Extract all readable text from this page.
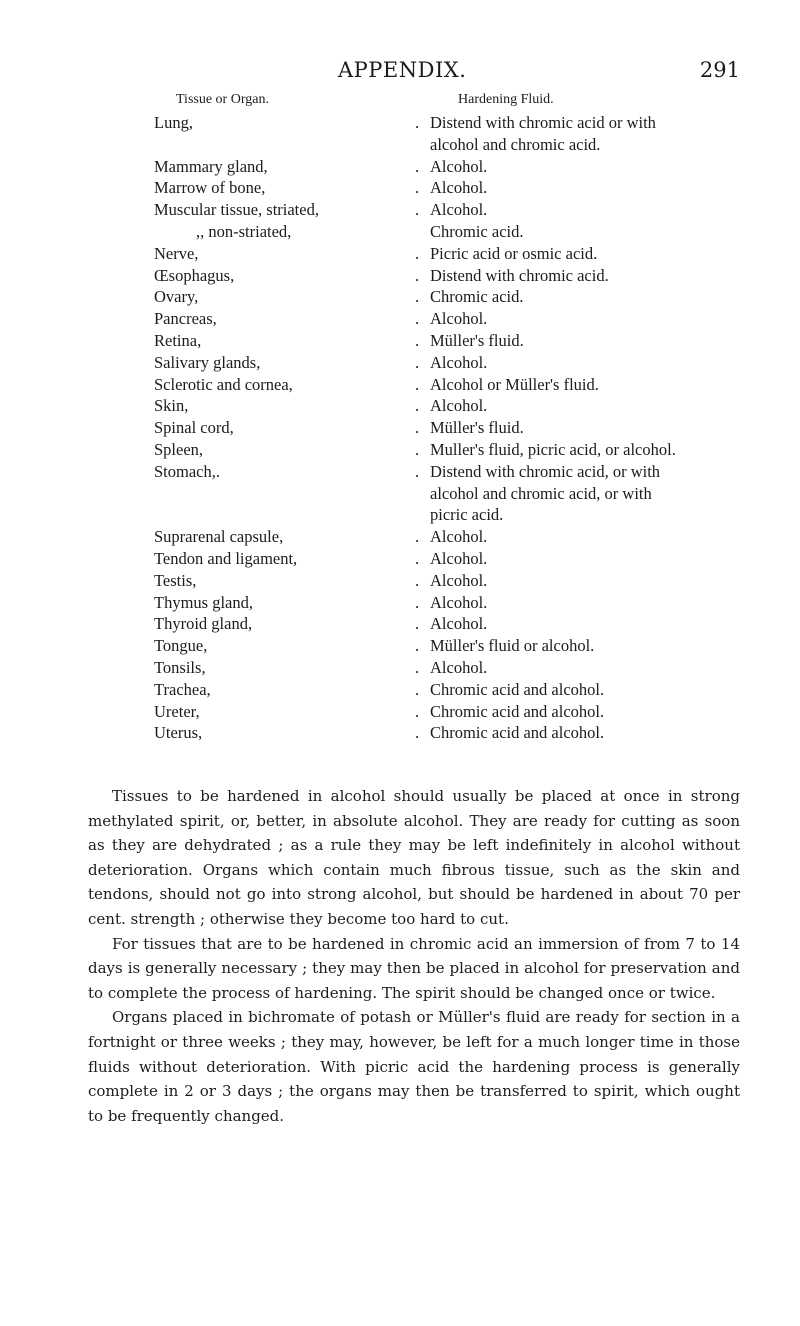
APPENDIX.	291
Tissue or Organ.	Hardening Fluid.
Lung,	. Distend with chromic acid or with
alcohol and chromic acid.
Mammary gland,	. Alcohol.
Marrow of bone,	. Alcohol.
Muscular tissue, striated,	. Alcohol.
,, non-striated,	Chromic acid.
Nerve,	. Picric acid or osmic acid.
Œsophagus,	. Distend with chromic acid.
Ovary,	. Chromic acid.
Pancreas,	. Alcohol.
Retina,	. Müller's fluid.
Salivary glands,	. Alcohol.
Sclerotic and cornea,	. Alcohol or Müller's fluid.
Skin,	. Alcohol.
Spinal cord,	. Müller's fluid.
Spleen,	. Muller's fluid, picric acid, or alcohol.
Stomach,.	. Distend with chromic acid, or with
alcohol and chromic acid, or with
picric acid.
Suprarenal capsule,	. Alcohol.
Tendon and ligament,	. Alcohol.
Testis,	. Alcohol.
Thymus gland,	. Alcohol.
Thyroid gland,	. Alcohol.
Tongue,	. Müller's fluid or alcohol.
Tonsils,	. Alcohol.
Trachea,	. Chromic acid and alcohol.
Ureter,	. Chromic acid and alcohol.
Uterus,	. Chromic acid and alcohol.

Tissues to be hardened in alcohol should usually be placed at once in strong methylated spirit, or, better, in absolute alcohol. They are ready for cutting as soon as they are dehydrated ; as a rule they may be left indefinitely in alcohol without deterioration. Organs which contain much fibrous tissue, such as the skin and tendons, should not go into strong alcohol, but should be hardened in about 70 per cent. strength ; otherwise they become too hard to cut.

For tissues that are to be hardened in chromic acid an immersion of from 7 to 14 days is generally necessary ; they may then be placed in alcohol for preservation and to complete the process of hardening. The spirit should be changed once or twice.

Organs placed in bichromate of potash or Müller's fluid are ready for section in a fortnight or three weeks ; they may, however, be left for a much longer time in those fluids without deterioration. With picric acid the hardening process is generally complete in 2 or 3 days ; the organs may then be transferred to spirit, which ought to be frequently changed.
